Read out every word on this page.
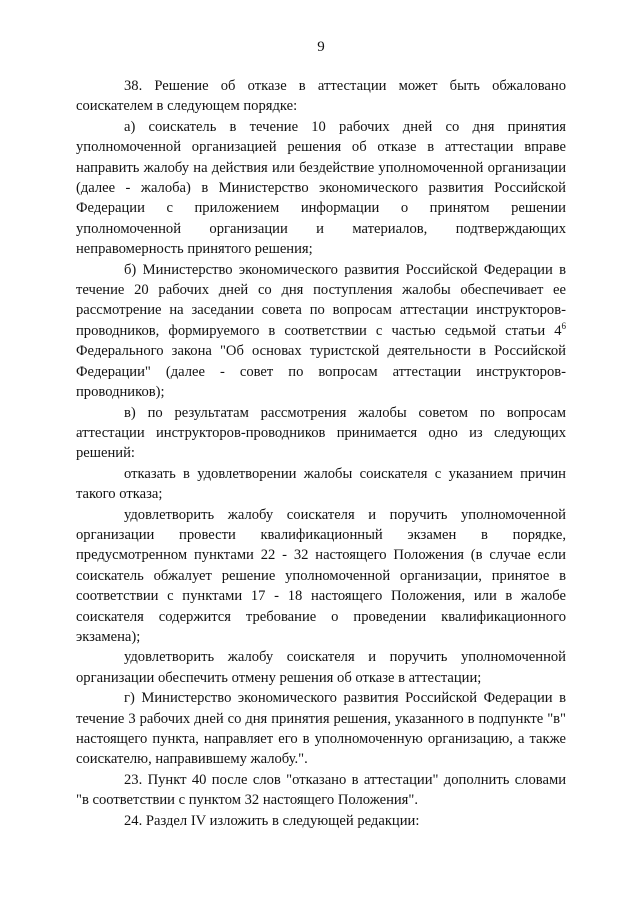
9

38. Решение об отказе в аттестации может быть обжаловано соискателем в следующем порядке:

а) соискатель в течение 10 рабочих дней со дня принятия уполномоченной организацией решения об отказе в аттестации вправе направить жалобу на действия или бездействие уполномоченной организации (далее - жалоба) в Министерство экономического развития Российской Федерации с приложением информации о принятом решении уполномоченной организации и материалов, подтверждающих неправомерность принятого решения;

б) Министерство экономического развития Российской Федерации в течение 20 рабочих дней со дня поступления жалобы обеспечивает ее рассмотрение на заседании совета по вопросам аттестации инструкторов-проводников, формируемого в соответствии с частью седьмой статьи $4^6$ Федерального закона "Об основах туристской деятельности в Российской Федерации" (далее - совет по вопросам аттестации инструкторов-проводников);

в) по результатам рассмотрения жалобы советом по вопросам аттестации инструкторов-проводников принимается одно из следующих решений:

отказать в удовлетворении жалобы соискателя с указанием причин такого отказа;

удовлетворить жалобу соискателя и поручить уполномоченной организации провести квалификационный экзамен в порядке, предусмотренном пунктами 22 - 32 настоящего Положения (в случае если соискатель обжалует решение уполномоченной организации, принятое в соответствии с пунктами 17 - 18 настоящего Положения, или в жалобе соискателя содержится требование о проведении квалификационного экзамена);

удовлетворить жалобу соискателя и поручить уполномоченной организации обеспечить отмену решения об отказе в аттестации;

г) Министерство экономического развития Российской Федерации в течение 3 рабочих дней со дня принятия решения, указанного в подпункте "в" настоящего пункта, направляет его в уполномоченную организацию, а также соискателю, направившему жалобу.".

23. Пункт 40 после слов "отказано в аттестации" дополнить словами "в соответствии с пунктом 32 настоящего Положения".

24. Раздел IV изложить в следующей редакции:
